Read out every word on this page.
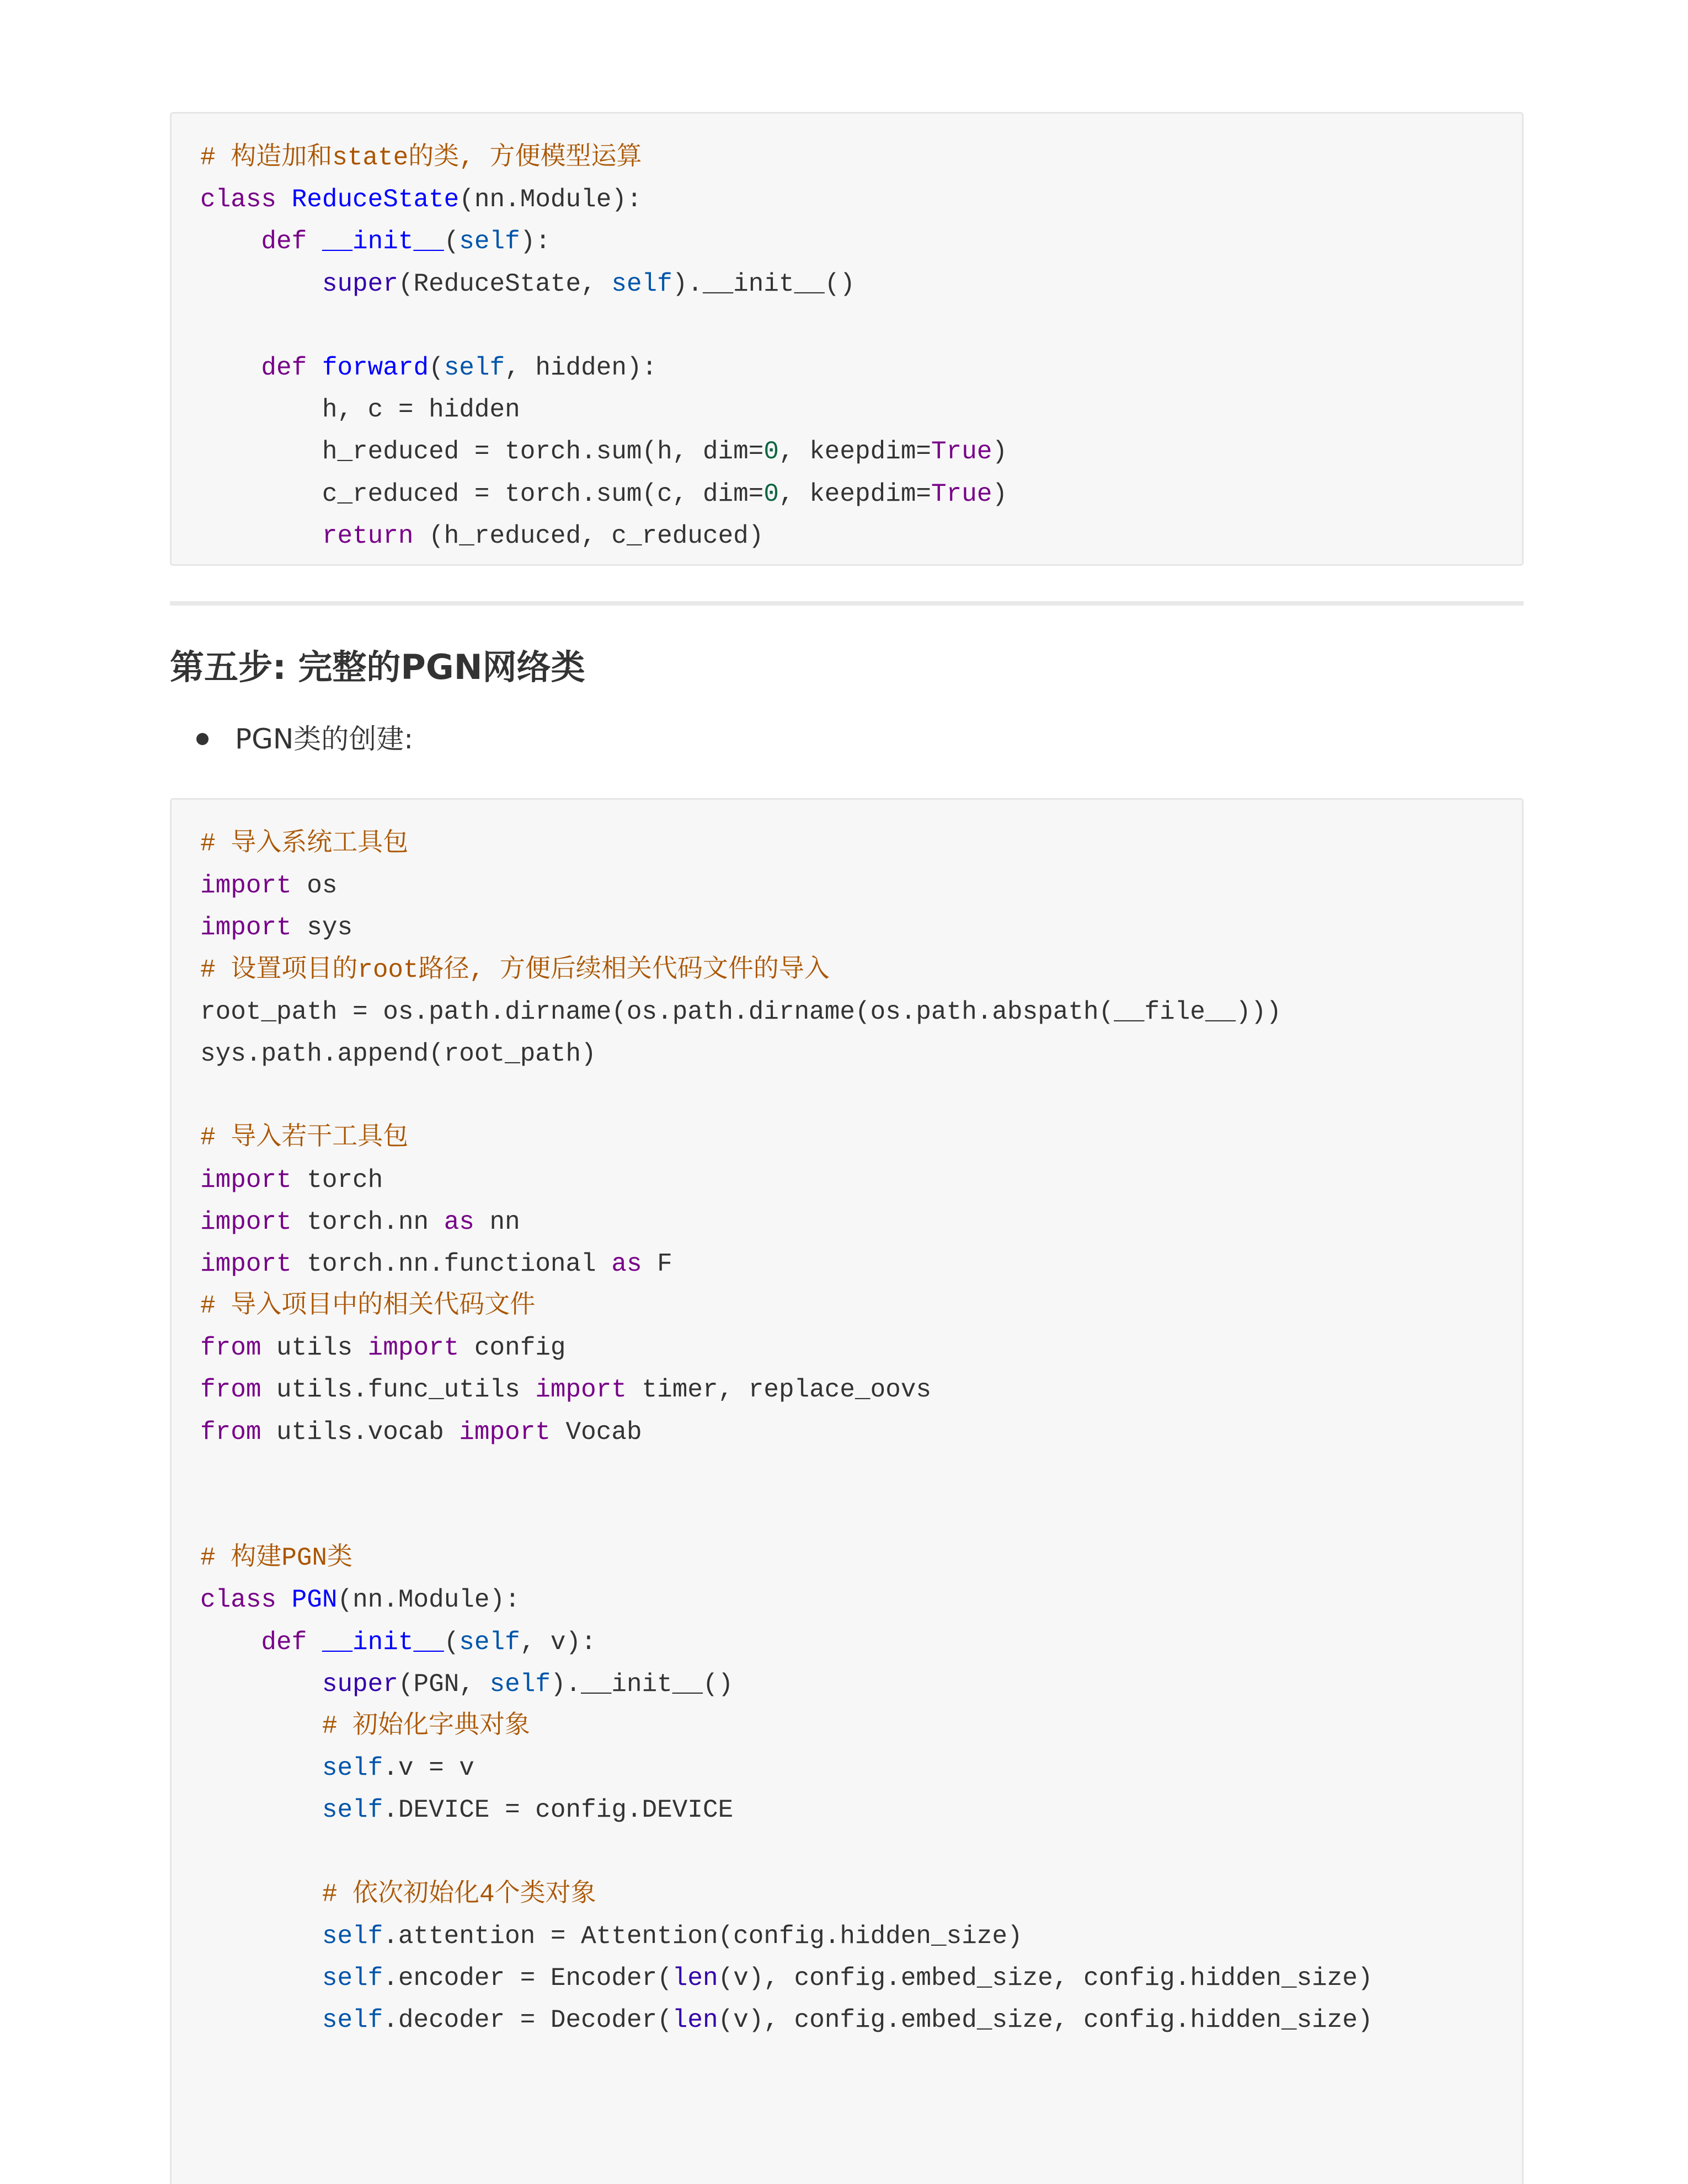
# 构造加和state的类, 方便模型运算
class ReduceState(nn.Module):
def __init__(self):
super(ReduceState, self).__init__()
def forward(self, hidden):
h, c = hidden
h_reduced = torch.sum(h, dim=0, keepdim=True)
c_reduced = torch.sum(c, dim=0, keepdim=True)
return (h_reduced, c_reduced)
第五步: 完整的PGN网络类
PGN类的创建:
# 导入系统工具包
import os
import sys
# 设置项目的root路径, 方便后续相关代码文件的导入
root_path = os.path.dirname(os.path.dirname(os.path.abspath(__file__)))
sys.path.append(root_path)
# 导入若干工具包
import torch
import torch.nn as nn
import torch.nn.functional as F
# 导入项目中的相关代码文件
from utils import config
from utils.func_utils import timer, replace_oovs
from utils.vocab import Vocab
# 构建PGN类
class PGN(nn.Module):
def __init__(self, v):
super(PGN, self).__init__()
# 初始化字典对象
self.v = v
self.DEVICE = config.DEVICE
# 依次初始化4个类对象
self.attention = Attention(config.hidden_size)
self.encoder = Encoder(len(v), config.embed_size, config.hidden_size)
self.decoder = Decoder(len(v), config.embed_size, config.hidden_size)
